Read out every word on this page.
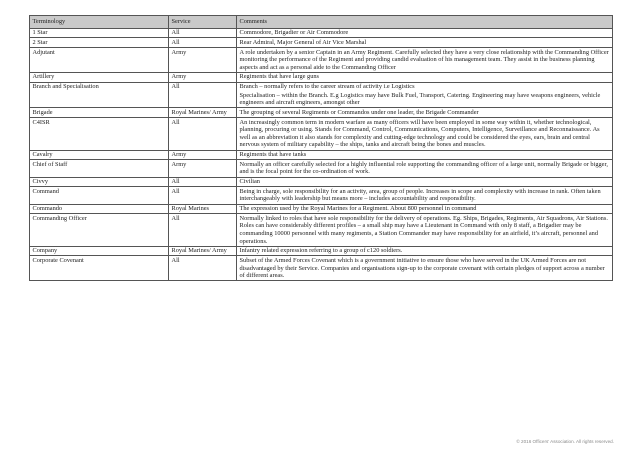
Terminology	Service	Comments
1 Star	All	Commodore, Brigadier or Air Commodore

2 Star	All	Rear Admiral, Major General of Air Vice Marshal

Adjutant	Army	A role undertaken by a senior Captain in an Army Regiment. Carefully selected they have a very close relationship with the Commanding Officer monitoring the performance of the Regiment and providing candid evaluation of his management team. They assist in the business planning aspects and act as a personal aide to the Commanding Officer

Artillery	Army	Regiments that have large guns

Branch and Specialisation	All	Branch – normally refers to the career stream of activity i.e Logistics

Specialisation – within the Branch. E.g Logistics may have Bulk Fuel, Transport, Catering. Engineering may have weapons engineers, vehicle engineers and aircraft engineers, amongst other

Brigade	Royal Marines/ Army	The grouping of several Regiments or Commandos under one leader, the Brigade Commander

C4ISR	All	An increasingly common term in modern warfare as many officers will have been employed in some way within it, whether technological, planning, procuring or using. Stands for Command, Control, Communications, Computers, Intelligence, Surveillance and Reconnaissance. As well as an abbreviation it also stands for complexity and cutting-edge technology and could be considered the eyes, ears, brain and central nervous system of military capability – the ships, tanks and aircraft being the bones and muscles.

Cavalry	Army	Regiments that have tanks

Chief of Staff	Army	Normally an officer carefully selected for a highly influential role supporting the commanding officer of a large unit, normally Brigade or bigger, and is the focal point for the co-ordination of work.

Civvy	All	Civilian

Command	All	Being in charge, sole responsibility for an activity, area, group of people. Increases in scope and complexity with increase in rank. Often taken interchangeably with leadership but means more – includes accountability and responsibility.

Commando	Royal Marines	The expression used by the Royal Marines for a Regiment. About 800 personnel in command

Commanding Officer	All	Normally linked to roles that have sole responsibility for the delivery of operations. Eg. Ships, Brigades, Regiments, Air Squadrons, Air Stations. Roles can have considerably different profiles – a small ship may have a Lieutenant in Command with only 8 staff, a Brigadier may be commanding 10000 personnel with many regiments, a Station Commander may have responsibility for an airfield, it’s aircraft, personnel and operations.

Company	Royal Marines/ Army	Infantry related expression referring to a group of c120 soldiers.

Corporate Covenant	All	Subset of the Armed Forces Covenant which is a government initiative to ensure those who have served in the UK Armed Forces are not disadvantaged by their Service. Companies and organisations sign-up to the corporate covenant with certain pledges of support across a number of different areas.

© 2016 Officers’ Association. All rights reserved.
